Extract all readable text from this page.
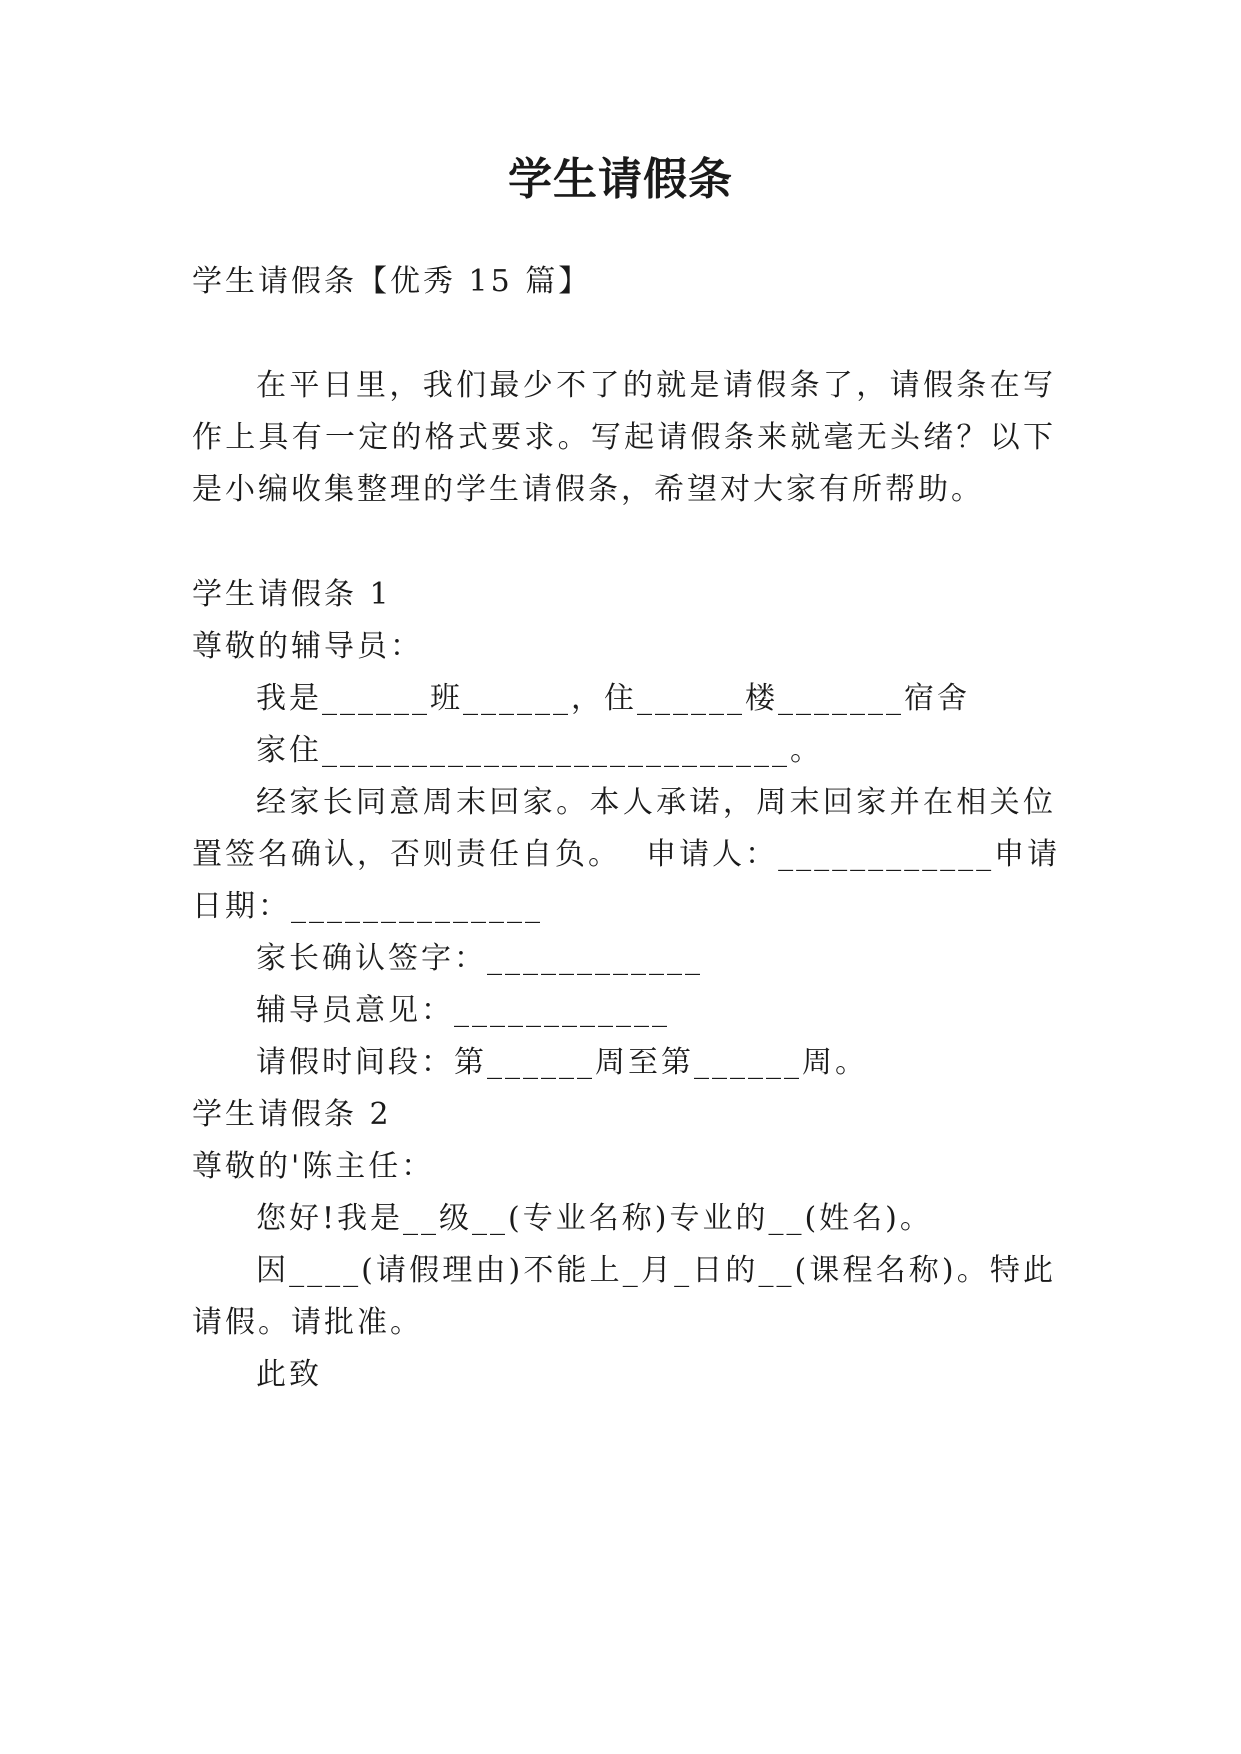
学生请假条

学生请假条【优秀 15 篇】

在平日里，我们最少不了的就是请假条了，请假条在写

作上具有一定的格式要求。写起请假条来就毫无头绪？以下

是小编收集整理的学生请假条，希望对大家有所帮助。

学生请假条 1

尊敬的辅导员：

我是______班______，住______楼_______宿舍

家住__________________________。

经家长同意周末回家。本人承诺，周末回家并在相关位

置签名确认，否则责任自负。  申请人：____________申请

日期：______________

家长确认签字：____________

辅导员意见：____________

请假时间段：第______周至第______周。

学生请假条 2

尊敬的'陈主任：

您好!我是__级__(专业名称)专业的__(姓名)。

因____(请假理由)不能上_月_日的__(课程名称)。特此

请假。请批准。

此致
